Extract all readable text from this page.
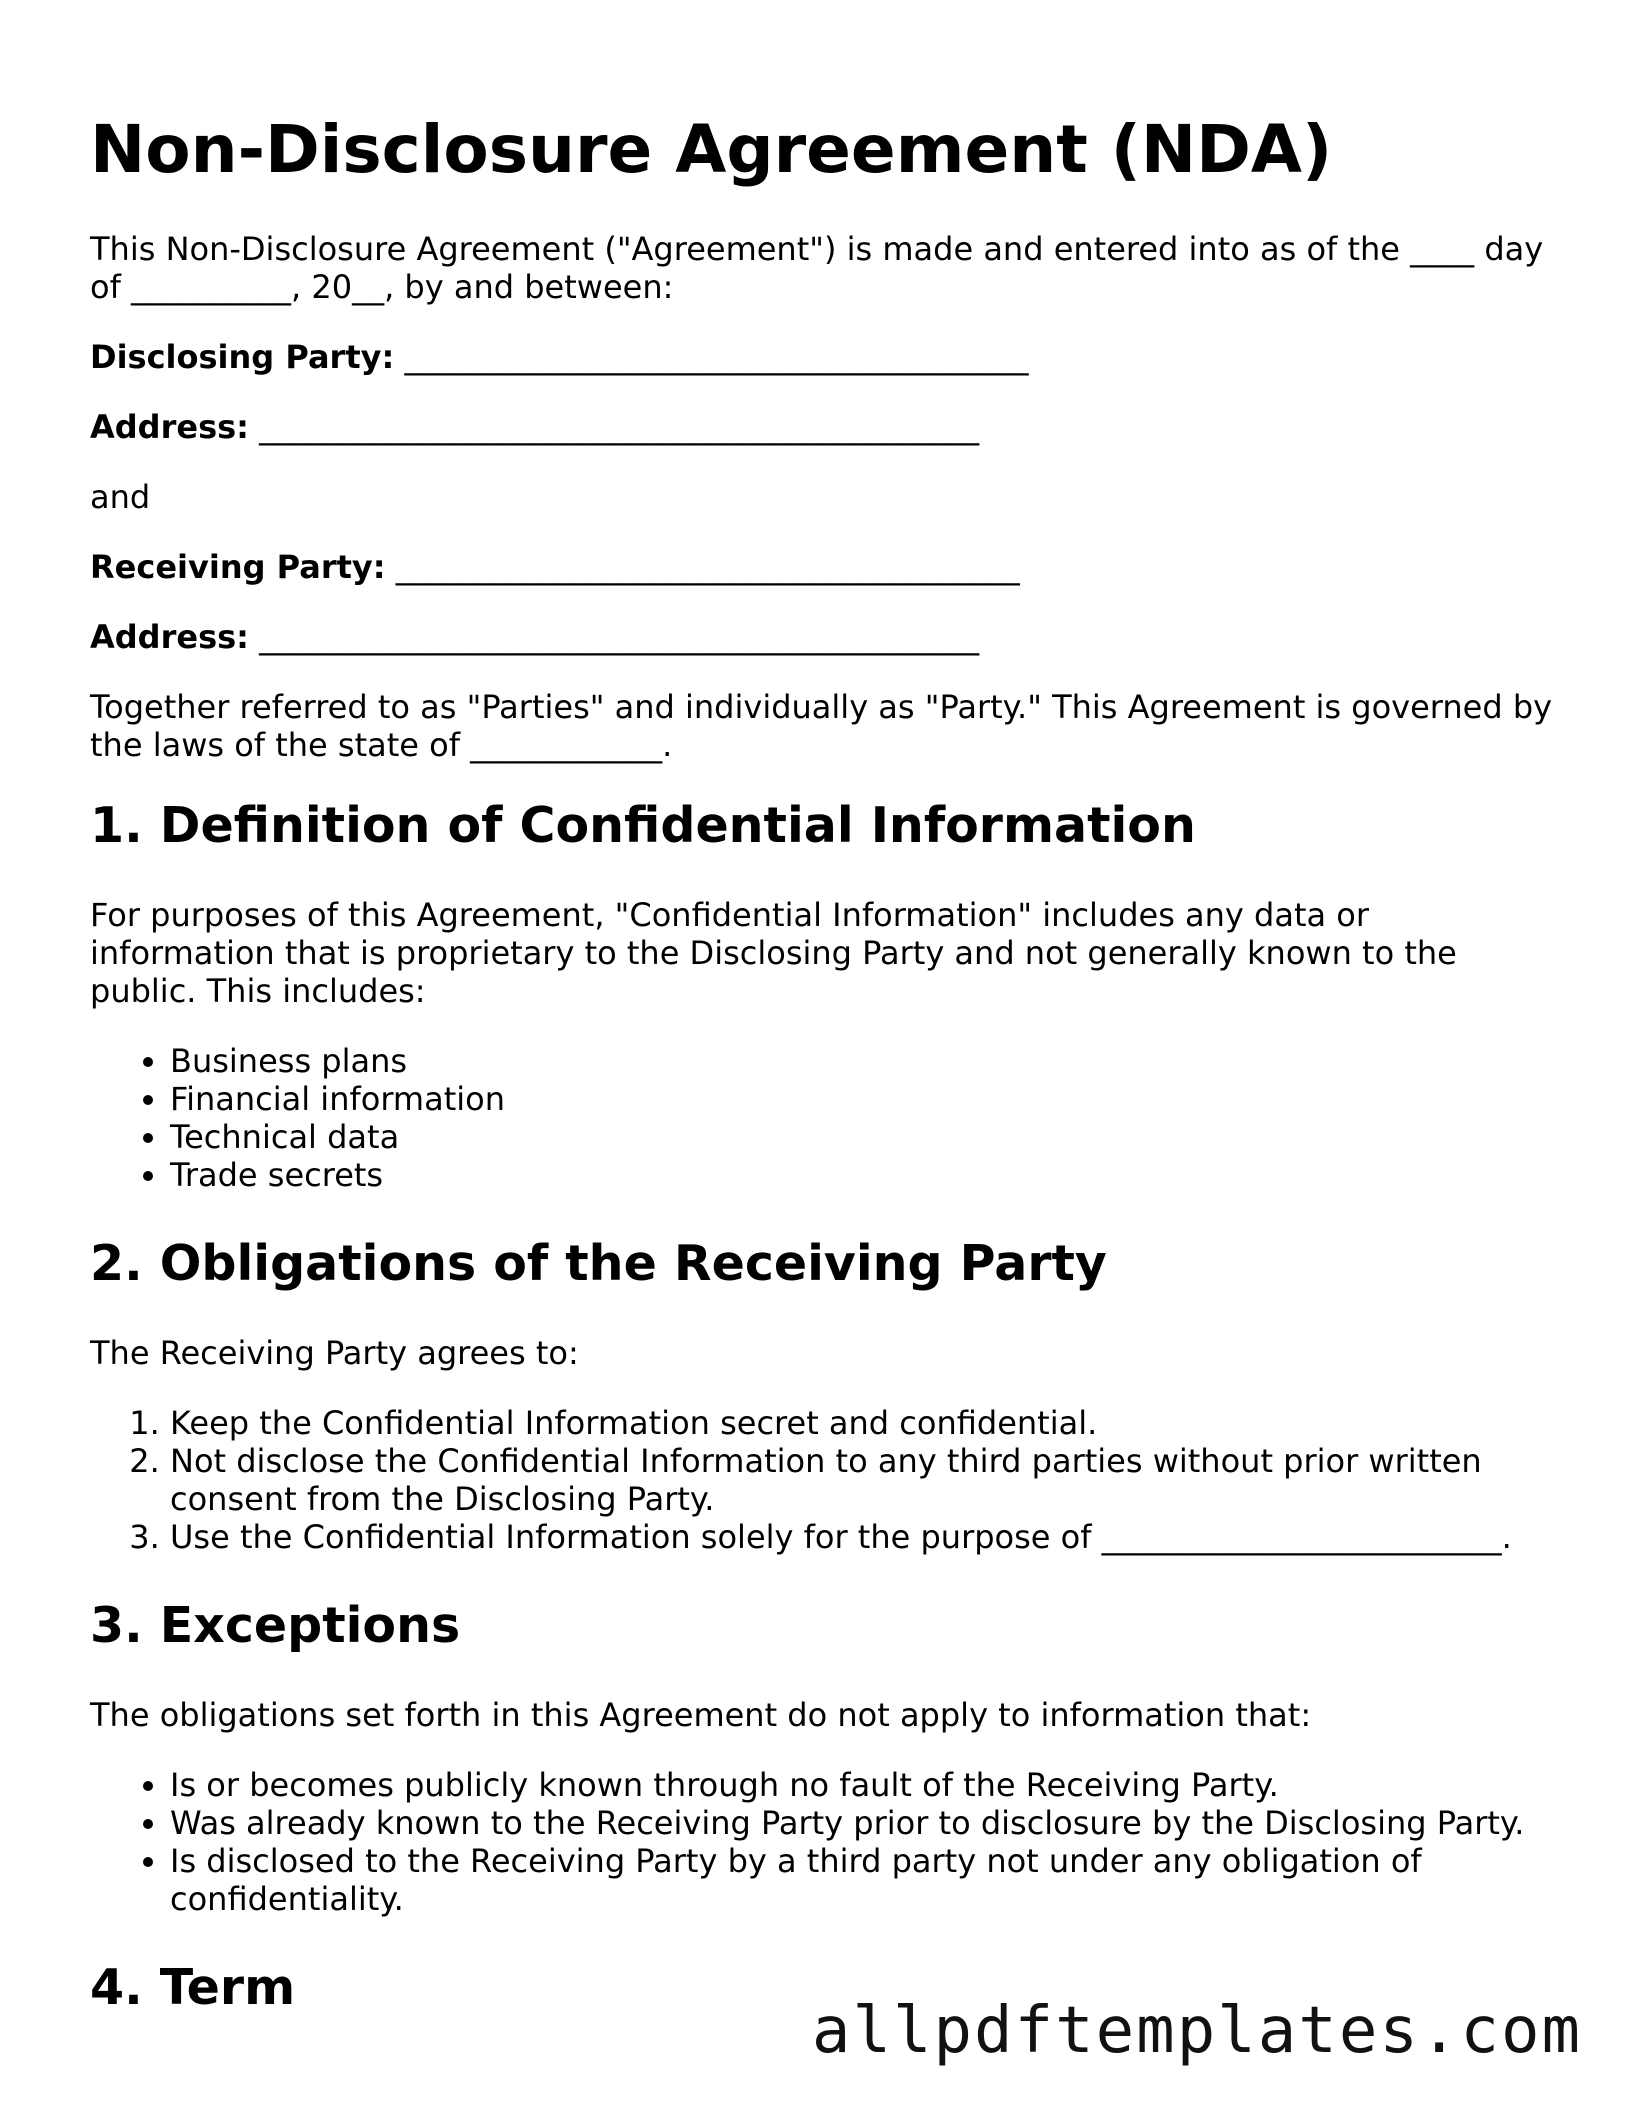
Non-Disclosure Agreement (NDA)

This Non-Disclosure Agreement ("Agreement") is made and entered into as of the ____ day of __________, 20__, by and between:

Disclosing Party: _______________________________________

Address: _____________________________________________

and

Receiving Party: _______________________________________

Address: _____________________________________________

Together referred to as "Parties" and individually as "Party." This Agreement is governed by the laws of the state of ____________.

1. Definition of Confidential Information

For purposes of this Agreement, "Confidential Information" includes any data or information that is proprietary to the Disclosing Party and not generally known to the public. This includes:

• Business plans
• Financial information
• Technical data
• Trade secrets
2. Obligations of the Receiving Party

The Receiving Party agrees to:

1. Keep the Confidential Information secret and confidential.
2. Not disclose the Confidential Information to any third parties without prior written consent from the Disclosing Party.
3. Use the Confidential Information solely for the purpose of _________________________.
3. Exceptions

The obligations set forth in this Agreement do not apply to information that:

• Is or becomes publicly known through no fault of the Receiving Party.
• Was already known to the Receiving Party prior to disclosure by the Disclosing Party.
• Is disclosed to the Receiving Party by a third party not under any obligation of confidentiality.
4. Term
allpdftemplates.com
